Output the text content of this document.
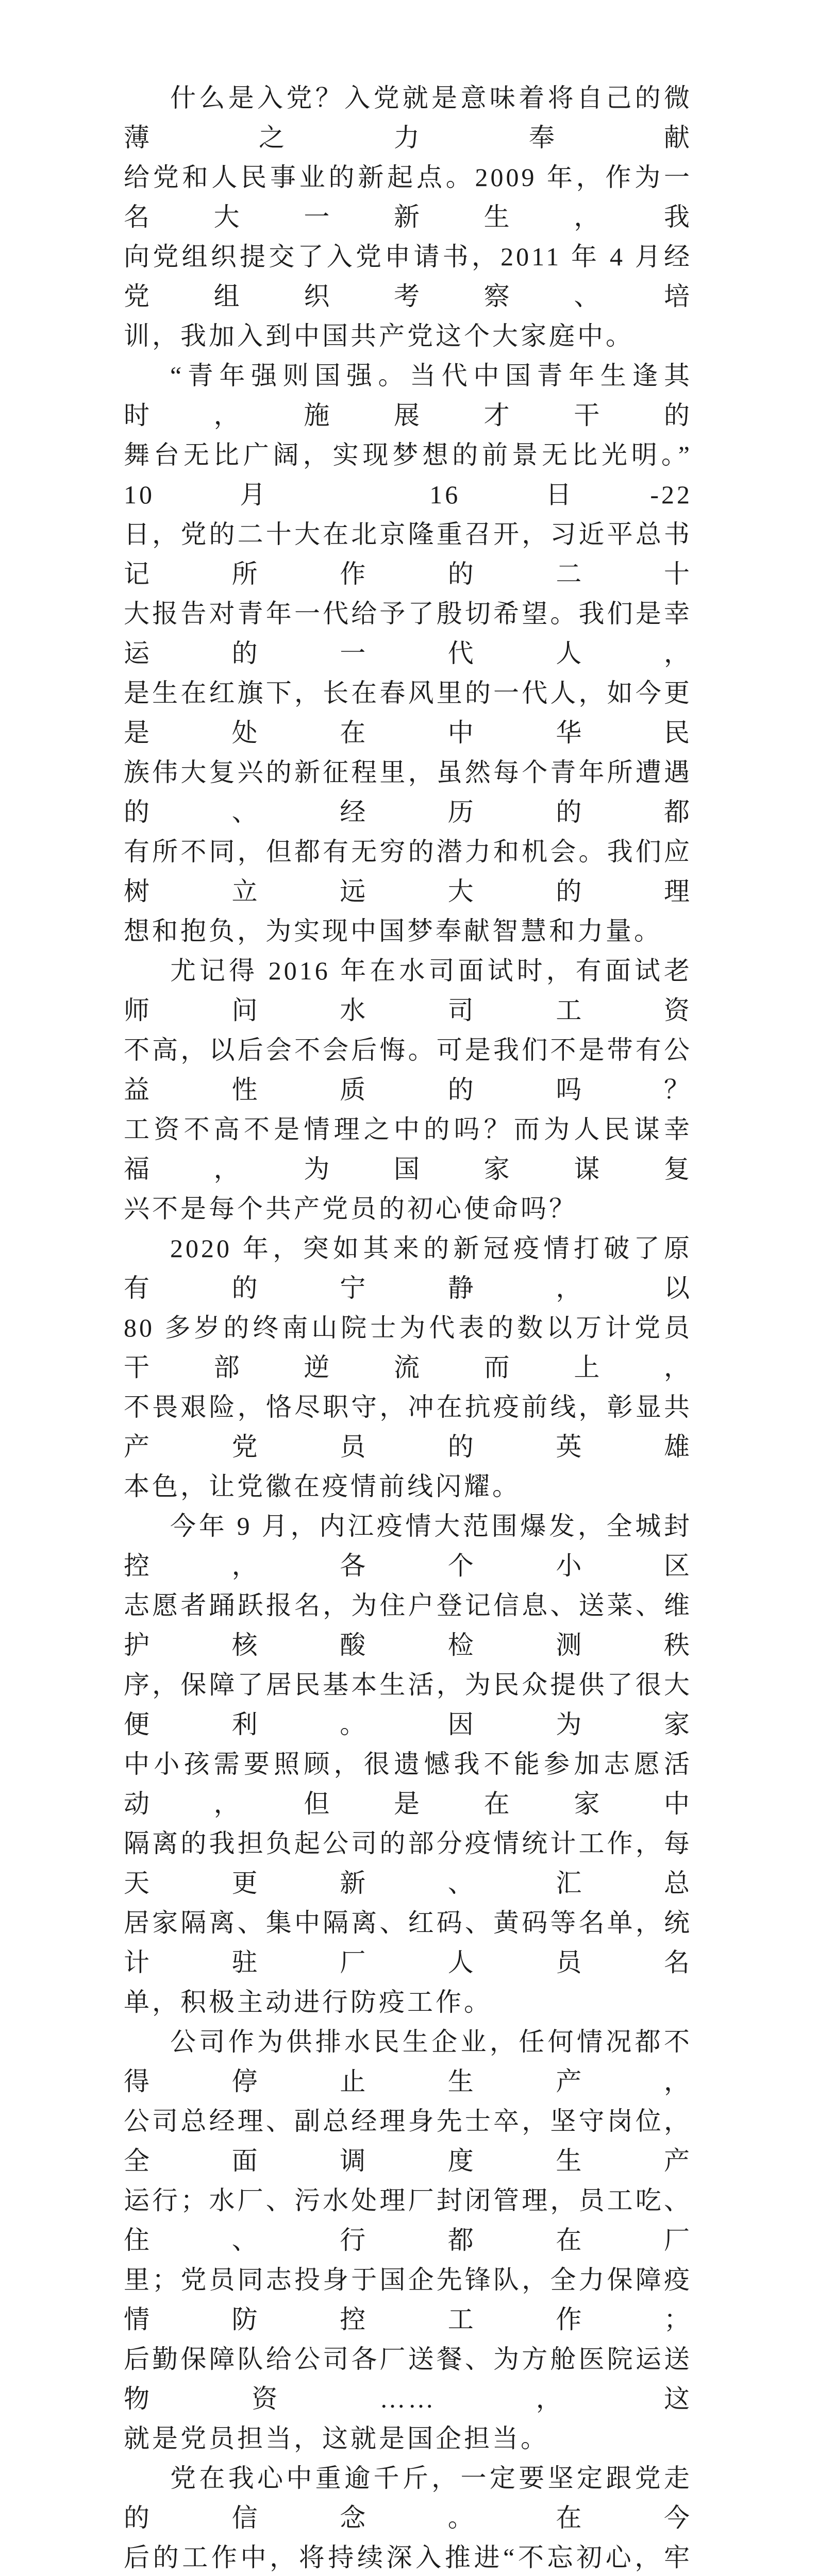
什么是入党？入党就是意味着将自己的微薄之力奉献
给党和人民事业的新起点。2009 年，作为一名大一新生，我
向党组织提交了入党申请书，2011 年 4 月经党组织考察、培
训，我加入到中国共产党这个大家庭中。
“青年强则国强。当代中国青年生逢其时，施展才干的
舞台无比广阔，实现梦想的前景无比光明。”10 月 16 日-22
日，党的二十大在北京隆重召开，习近平总书记所作的二十
大报告对青年一代给予了殷切希望。我们是幸运的一代人，
是生在红旗下，长在春风里的一代人，如今更是处在中华民
族伟大复兴的新征程里，虽然每个青年所遭遇的、经历的都
有所不同，但都有无穷的潜力和机会。我们应树立远大的理
想和抱负，为实现中国梦奉献智慧和力量。
尤记得 2016 年在水司面试时，有面试老师问水司工资
不高，以后会不会后悔。可是我们不是带有公益性质的吗？
工资不高不是情理之中的吗？而为人民谋幸福，为国家谋复
兴不是每个共产党员的初心使命吗？
2020 年，突如其来的新冠疫情打破了原有的宁静，以
80 多岁的终南山院士为代表的数以万计党员干部逆流而上，
不畏艰险，恪尽职守，冲在抗疫前线，彰显共产党员的英雄
本色，让党徽在疫情前线闪耀。
今年 9 月，内江疫情大范围爆发，全城封控，各个小区
志愿者踊跃报名，为住户登记信息、送菜、维护核酸检测秩
序，保障了居民基本生活，为民众提供了很大便利。因为家
中小孩需要照顾，很遗憾我不能参加志愿活动，但是在家中
隔离的我担负起公司的部分疫情统计工作，每天更新、汇总
居家隔离、集中隔离、红码、黄码等名单，统计驻厂人员名
单，积极主动进行防疫工作。
公司作为供排水民生企业，任何情况都不得停止生产，
公司总经理、副总经理身先士卒，坚守岗位，全面调度生产
运行；水厂、污水处理厂封闭管理，员工吃、住、行都在厂
里；党员同志投身于国企先锋队，全力保障疫情防控工作；
后勤保障队给公司各厂送餐、为方舱医院运送物资……，这
就是党员担当，这就是国企担当。
党在我心中重逾千斤，一定要坚定跟党走的信念。在今
后的工作中，将持续深入推进“不忘初心，牢
